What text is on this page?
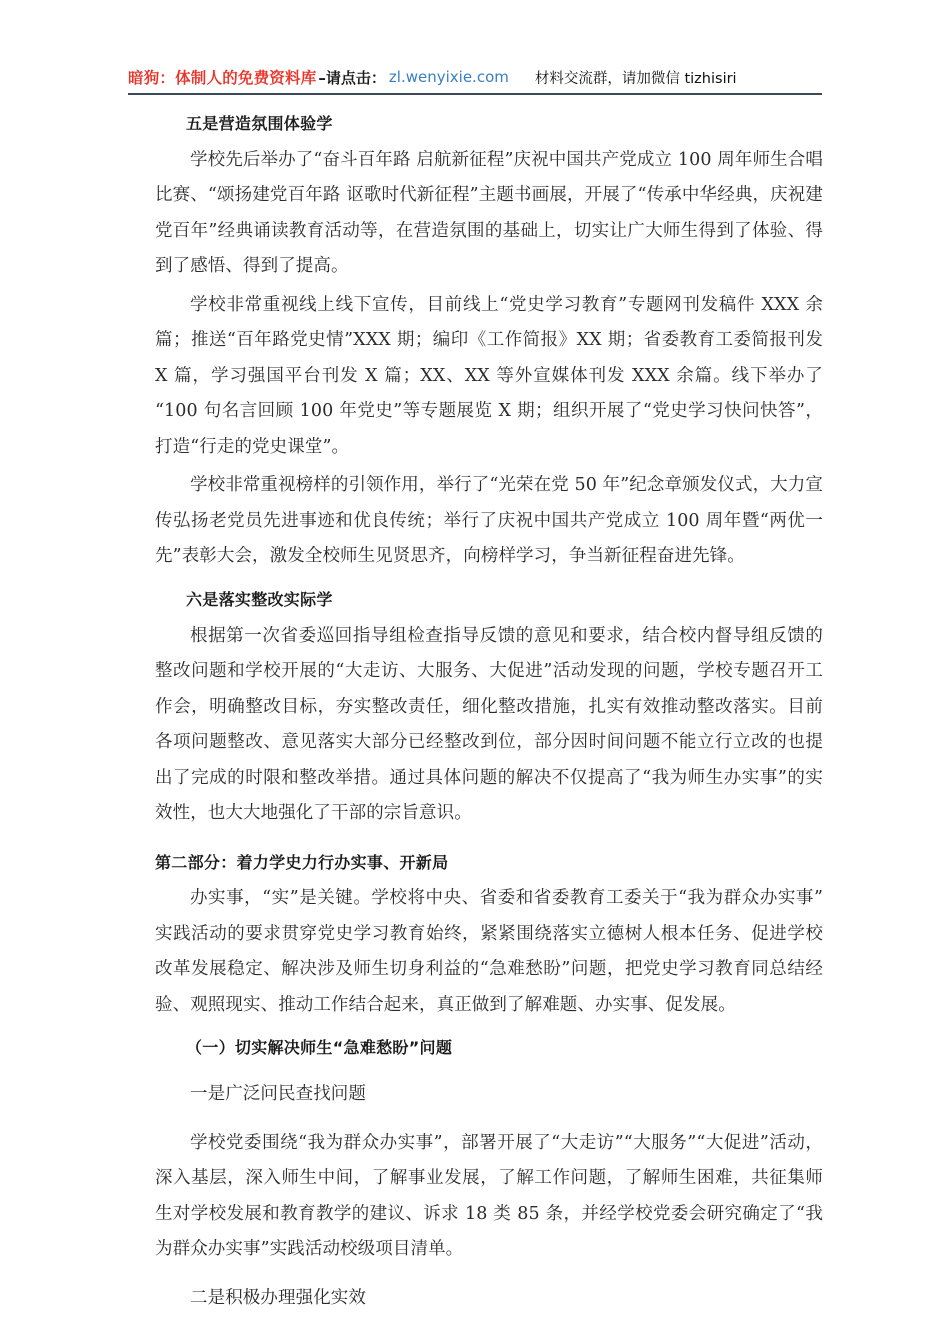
暗狗：体制人的免费资料库 –请点击： zl.wenyixie.com 材料交流群，请加微信 tizhisiri
五是营造氛围体验学

学校先后举办了“奋斗百年路 启航新征程”庆祝中国共产党成立 100 周年师生合唱比赛、“颂扬建党百年路 讴歌时代新征程”主题书画展，开展了“传承中华经典，庆祝建党百年”经典诵读教育活动等，在营造氛围的基础上，切实让广大师生得到了体验、得到了感悟、得到了提高。

学校非常重视线上线下宣传，目前线上“党史学习教育”专题网刊发稿件 XXX 余篇；推送“百年路党史情”XXX 期；编印《工作简报》XX 期；省委教育工委简报刊发 X 篇，学习强国平台刊发 X 篇；XX、XX 等外宣媒体刊发 XXX 余篇。线下举办了“100 句名言回顾 100 年党史”等专题展览 X 期；组织开展了“党史学习快问快答”，打造“行走的党史课堂”。

学校非常重视榜样的引领作用，举行了“光荣在党 50 年”纪念章颁发仪式，大力宣传弘扬老党员先进事迹和优良传统；举行了庆祝中国共产党成立 100 周年暨“两优一先”表彰大会，激发全校师生见贤思齐，向榜样学习，争当新征程奋进先锋。

六是落实整改实际学

根据第一次省委巡回指导组检查指导反馈的意见和要求，结合校内督导组反馈的整改问题和学校开展的“大走访、大服务、大促进”活动发现的问题，学校专题召开工作会，明确整改目标，夯实整改责任，细化整改措施，扎实有效推动整改落实。目前各项问题整改、意见落实大部分已经整改到位，部分因时间问题不能立行立改的也提出了完成的时限和整改举措。通过具体问题的解决不仅提高了“我为师生办实事”的实效性，也大大地强化了干部的宗旨意识。

第二部分：着力学史力行办实事、开新局

办实事，“实”是关键。学校将中央、省委和省委教育工委关于“我为群众办实事”实践活动的要求贯穿党史学习教育始终，紧紧围绕落实立德树人根本任务、促进学校改革发展稳定、解决涉及师生切身利益的“急难愁盼”问题，把党史学习教育同总结经验、观照现实、推动工作结合起来，真正做到了解难题、办实事、促发展。

（一）切实解决师生“急难愁盼”问题

一是广泛问民查找问题

学校党委围绕“我为群众办实事”，部署开展了“大走访”“大服务”“大促进”活动，深入基层，深入师生中间，了解事业发展，了解工作问题，了解师生困难，共征集师生对学校发展和教育教学的建议、诉求 18 类 85 条，并经学校党委会研究确定了“我为群众办实事”实践活动校级项目清单。

二是积极办理强化实效
